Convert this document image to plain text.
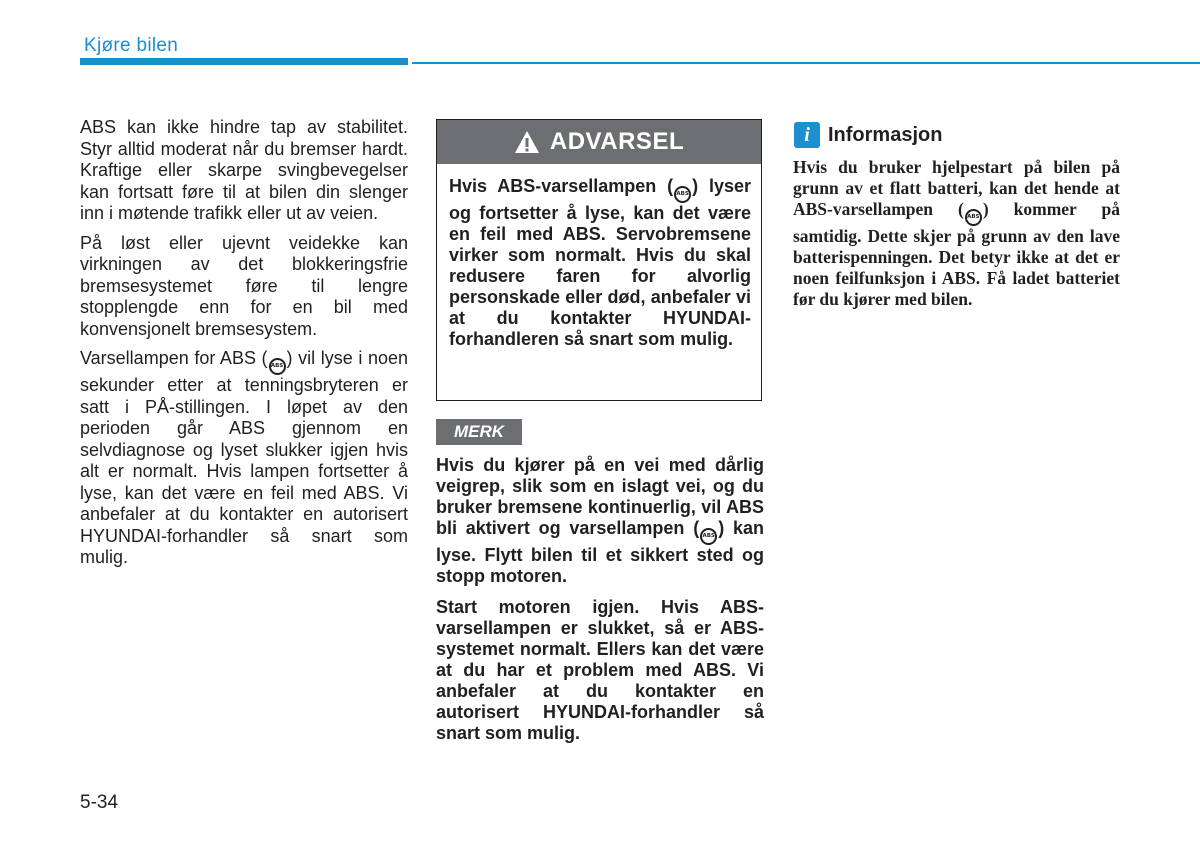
Kjøre bilen

ABS kan ikke hindre tap av stabilitet. Styr alltid moderat når du bremser hardt. Kraftige eller skarpe svingbevegelser kan fortsatt føre til at bilen din slenger inn i møtende trafikk eller ut av veien.

På løst eller ujevnt veidekke kan virkningen av det blokkeringsfrie bremsesystemet føre til lengre stopplengde enn for en bil med konvensjonelt bremsesystem.

Varsellampen for ABS ( ABS ) vil lyse i noen sekunder etter at tenningsbryteren er satt i PÅ-stillingen. I løpet av den perioden går ABS gjennom en selvdiagnose og lyset slukker igjen hvis alt er normalt. Hvis lampen fortsetter å lyse, kan det være en feil med ABS. Vi anbefaler at du kontakter en autorisert HYUNDAI-forhandler så snart som mulig.

ADVARSEL
Hvis ABS-varsellampen ( ABS ) lyser og fortsetter å lyse, kan det være en feil med ABS. Servobremsene virker som normalt. Hvis du skal redusere faren for alvorlig personskade eller død, anbefaler vi at du kontakter HYUNDAI-forhandleren så snart som mulig.
MERK

Hvis du kjører på en vei med dårlig veigrep, slik som en islagt vei, og du bruker bremsene kontinuerlig, vil ABS bli aktivert og varsellampen ( ABS ) kan lyse. Flytt bilen til et sikkert sted og stopp motoren.

Start motoren igjen. Hvis ABS-varsellampen er slukket, så er ABS-systemet normalt. Ellers kan det være at du har et problem med ABS. Vi anbefaler at du kontakter en autorisert HYUNDAI-forhandler så snart som mulig.

i Informasjon
Hvis du bruker hjelpestart på bilen på grunn av et flatt batteri, kan det hende at ABS-varsellampen ( ABS ) kommer på samtidig. Dette skjer på grunn av den lave batterispenningen. Det betyr ikke at det er noen feilfunksjon i ABS. Få ladet batteriet før du kjører med bilen.
5-34
